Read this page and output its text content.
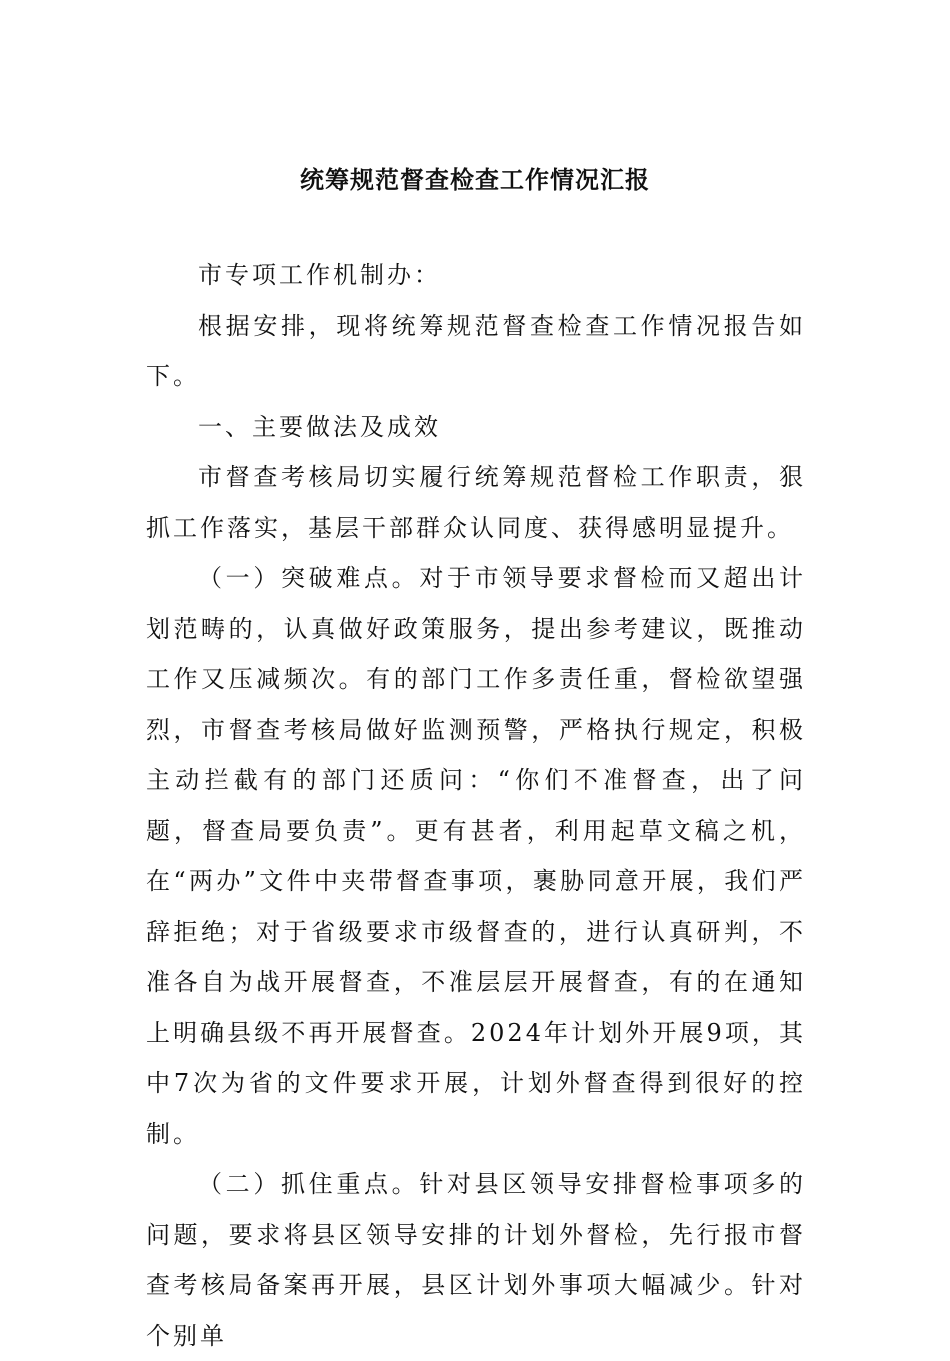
统筹规范督查检查工作情况汇报

市专项工作机制办：

根据安排，现将统筹规范督查检查工作情况报告如下。

一、主要做法及成效

市督查考核局切实履行统筹规范督检工作职责，狠抓工作落实，基层干部群众认同度、获得感明显提升。

（一）突破难点。对于市领导要求督检而又超出计划范畴的，认真做好政策服务，提出参考建议，既推动工作又压减频次。有的部门工作多责任重，督检欲望强烈，市督查考核局做好监测预警，严格执行规定，积极主动拦截有的部门还质问：“你们不准督查，出了问题，督查局要负责”。更有甚者，利用起草文稿之机，在“两办”文件中夹带督查事项，裹胁同意开展，我们严辞拒绝；对于省级要求市级督查的，进行认真研判，不准各自为战开展督查，不准层层开展督查，有的在通知上明确县级不再开展督查。2024年计划外开展9项，其中7次为省的文件要求开展，计划外督查得到很好的控制。

（二）抓住重点。针对县区领导安排督检事项多的问题，要求将县区领导安排的计划外督检，先行报市督查考核局备案再开展，县区计划外事项大幅减少。针对个别单
